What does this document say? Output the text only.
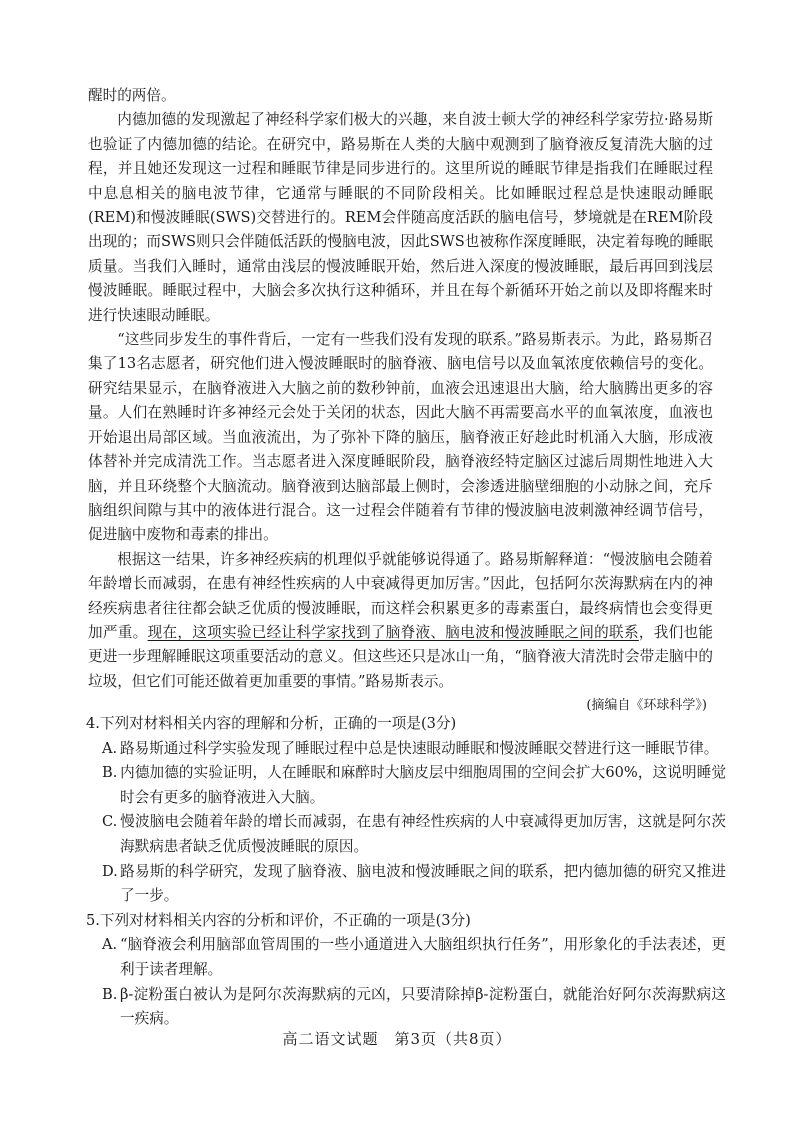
醒时的两倍。

内德加德的发现激起了神经科学家们极大的兴趣，来自波士顿大学的神经科学家劳拉·路易斯也验证了内德加德的结论。在研究中，路易斯在人类的大脑中观测到了脑脊液反复清洗大脑的过程，并且她还发现这一过程和睡眠节律是同步进行的。这里所说的睡眠节律是指我们在睡眠过程中息息相关的脑电波节律，它通常与睡眠的不同阶段相关。比如睡眠过程总是快速眼动睡眠(REM)和慢波睡眠(SWS)交替进行的。REM会伴随高度活跃的脑电信号，梦境就是在REM阶段出现的；而SWS则只会伴随低活跃的慢脑电波，因此SWS也被称作深度睡眠，决定着每晚的睡眠质量。当我们入睡时，通常由浅层的慢波睡眠开始，然后进入深度的慢波睡眠，最后再回到浅层慢波睡眠。睡眠过程中，大脑会多次执行这种循环，并且在每个新循环开始之前以及即将醒来时进行快速眼动睡眠。

“这些同步发生的事件背后，一定有一些我们没有发现的联系。”路易斯表示。为此，路易斯召集了13名志愿者，研究他们进入慢波睡眠时的脑脊液、脑电信号以及血氧浓度依赖信号的变化。研究结果显示，在脑脊液进入大脑之前的数秒钟前，血液会迅速退出大脑，给大脑腾出更多的容量。人们在熟睡时许多神经元会处于关闭的状态，因此大脑不再需要高水平的血氧浓度，血液也开始退出局部区域。当血液流出，为了弥补下降的脑压，脑脊液正好趁此时机涌入大脑，形成液体替补并完成清洗工作。当志愿者进入深度睡眠阶段，脑脊液经特定脑区过滤后周期性地进入大脑，并且环绕整个大脑流动。脑脊液到达脑部最上侧时，会渗透进脑壁细胞的小动脉之间，充斥脑组织间隙与其中的液体进行混合。这一过程会伴随着有节律的慢波脑电波刺激神经调节信号，促进脑中废物和毒素的排出。

根据这一结果，许多神经疾病的机理似乎就能够说得通了。路易斯解释道：“慢波脑电会随着年龄增长而减弱，在患有神经性疾病的人中衰减得更加厉害。”因此，包括阿尔茨海默病在内的神经疾病患者往往都会缺乏优质的慢波睡眠，而这样会积累更多的毒素蛋白，最终病情也会变得更加严重。现在，这项实验已经让科学家找到了脑脊液、脑电波和慢波睡眠之间的联系，我们也能更进一步理解睡眠这项重要活动的意义。但这些还只是冰山一角，“脑脊液大清洗时会带走脑中的垃圾，但它们可能还做着更加重要的事情。”路易斯表示。

(摘编自《环球科学》)

4.下列对材料相关内容的理解和分析，正确的一项是(3分)

A. 路易斯通过科学实验发现了睡眠过程中总是快速眼动睡眠和慢波睡眠交替进行这一睡眠节律。

B. 内德加德的实验证明，人在睡眠和麻醉时大脑皮层中细胞周围的空间会扩大60%，这说明睡觉时会有更多的脑脊液进入大脑。

C. 慢波脑电会随着年龄的增长而减弱，在患有神经性疾病的人中衰减得更加厉害，这就是阿尔茨海默病患者缺乏优质慢波睡眠的原因。

D. 路易斯的科学研究，发现了脑脊液、脑电波和慢波睡眠之间的联系，把内德加德的研究又推进了一步。

5.下列对材料相关内容的分析和评价，不正确的一项是(3分)

A. “脑脊液会利用脑部血管周围的一些小通道进入大脑组织执行任务”，用形象化的手法表述，更利于读者理解。

B. β-淀粉蛋白被认为是阿尔茨海默病的元凶，只要清除掉β-淀粉蛋白，就能治好阿尔茨海默病这一疾病。

高二语文试题　第3页（共8页）
